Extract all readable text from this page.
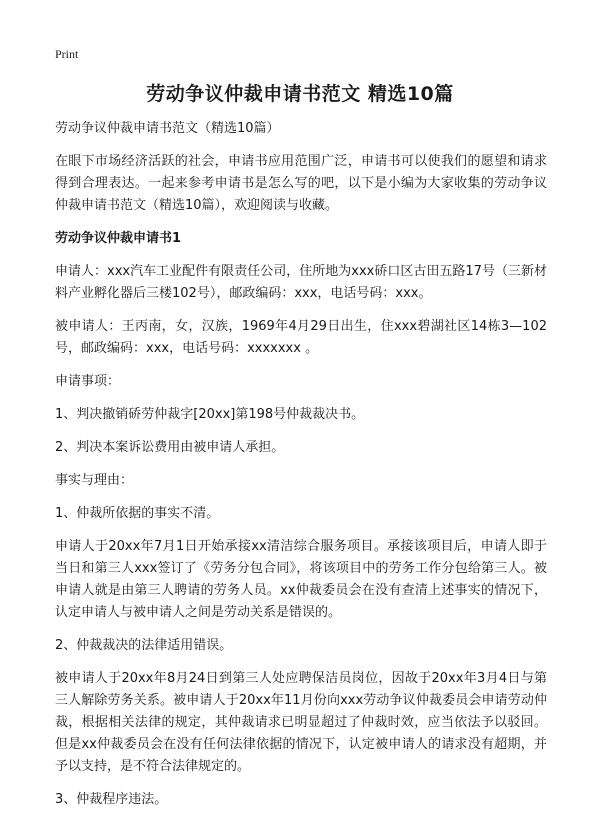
Print
劳动争议仲裁申请书范文 精选10篇

劳动争议仲裁申请书范文（精选10篇）

在眼下市场经济活跃的社会，申请书应用范围广泛，申请书可以使我们的愿望和请求得到合理表达。一起来参考申请书是怎么写的吧，以下是小编为大家收集的劳动争议仲裁申请书范文（精选10篇），欢迎阅读与收藏。

劳动争议仲裁申请书1

申请人：xxx汽车工业配件有限责任公司，住所地为xxx硚口区古田五路17号（三新材料产业孵化器后三楼102号），邮政编码：xxx，电话号码：xxx。

被申请人：王丙南，女，汉族，1969年4月29日出生，住xxx碧湖社区14栋3—102号，邮政编码：xxx，电话号码：xxxxxxx 。

申请事项：

1、判决撤销硚劳仲裁字[20xx]第198号仲裁裁决书。

2、判决本案诉讼费用由被申请人承担。

事实与理由：

1、仲裁所依据的事实不清。

申请人于20xx年7月1日开始承接xx清洁综合服务项目。承接该项目后，申请人即于当日和第三人xxx签订了《劳务分包合同》，将该项目中的劳务工作分包给第三人。被申请人就是由第三人聘请的劳务人员。xx仲裁委员会在没有查清上述事实的情况下，认定申请人与被申请人之间是劳动关系是错误的。

2、仲裁裁决的法律适用错误。

被申请人于20xx年8月24日到第三人处应聘保洁员岗位，因故于20xx年3月4日与第三人解除劳务关系。被申请人于20xx年11月份向xxx劳动争议仲裁委员会申请劳动仲裁，根据相关法律的规定，其仲裁请求已明显超过了仲裁时效，应当依法予以驳回。但是xx仲裁委员会在没有任何法律依据的情况下，认定被申请人的请求没有超期，并予以支持，是不符合法律规定的。

3、仲裁程序违法。
